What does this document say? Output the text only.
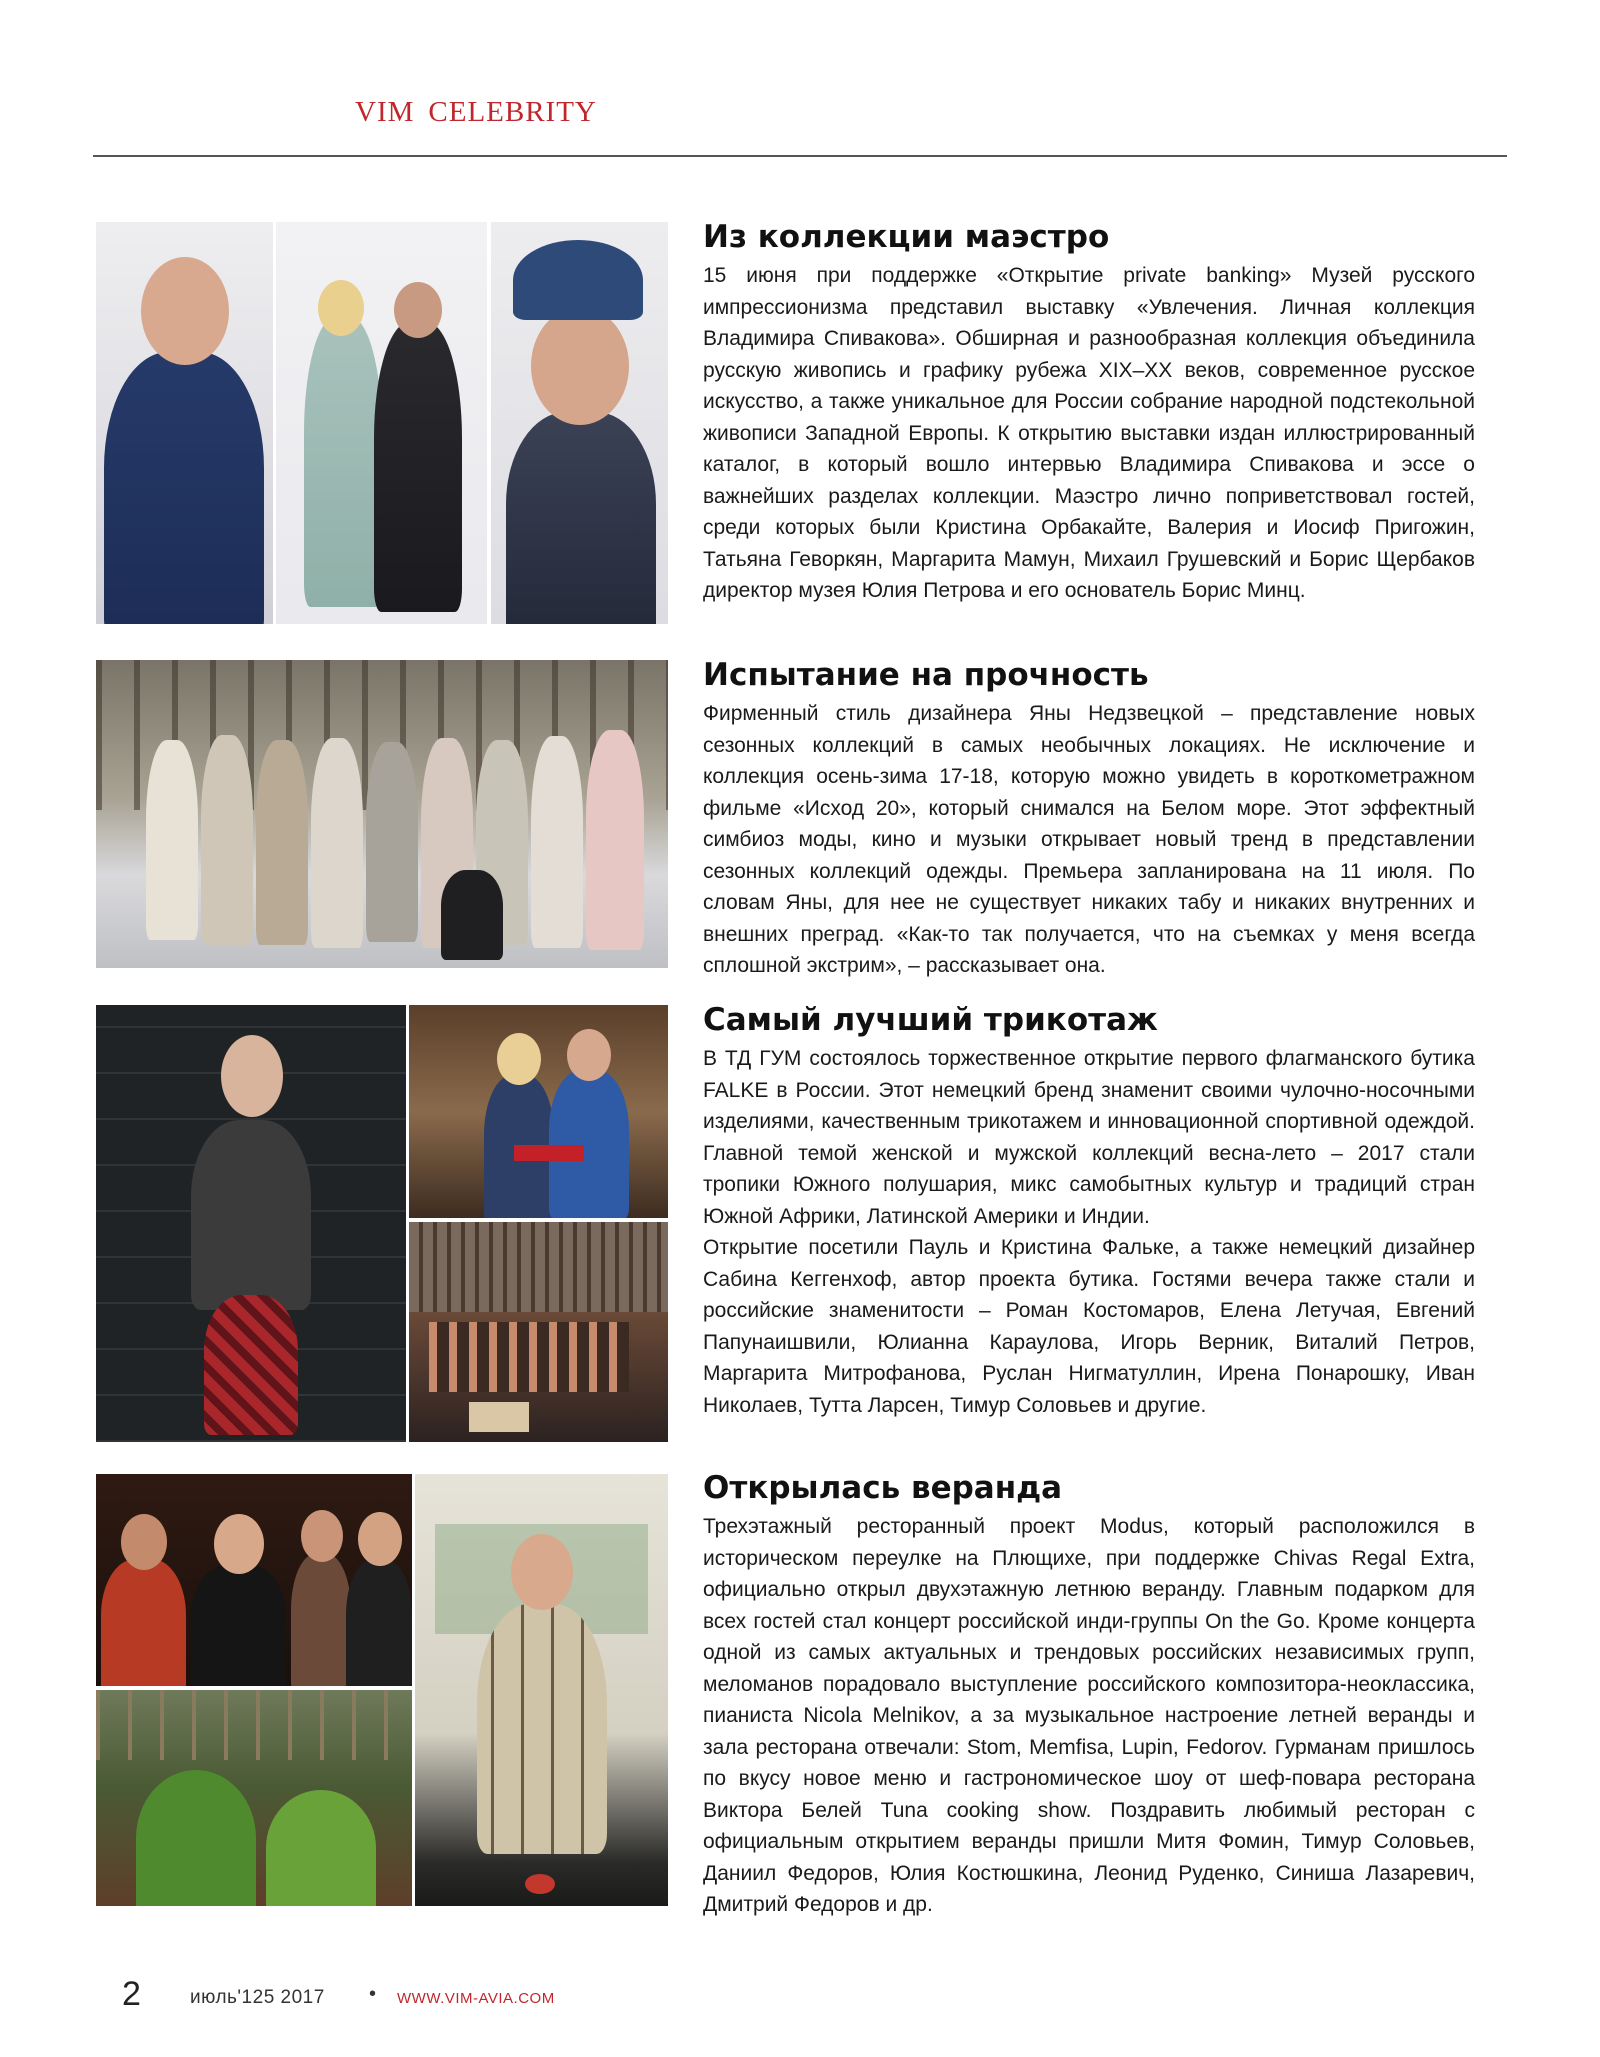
VIM CELEBRITY
Из коллекции маэстро

15 июня при поддержке «Открытие private banking» Музей русского импрессионизма представил выставку «Увлечения. Личная коллекция Владимира Спивакова». Обширная и разнообразная коллекция объединила русскую живопись и графику рубежа XIX–XX веков, современное русское искусство, а также уникальное для России собрание народной подстекольной живописи Западной Европы. К открытию выставки издан иллюстрированный каталог, в который вошло интервью Владимира Спивакова и эссе о важнейших разделах коллекции. Маэстро лично поприветствовал гостей, среди которых были Кристина Орбакайте, Валерия и Иосиф Пригожин, Татьяна Геворкян, Маргарита Мамун, Михаил Грушевский и Борис Щербаков директор музея Юлия Петрова и его основатель Борис Минц.

Испытание на прочность

Фирменный стиль дизайнера Яны Недзвецкой – представление новых сезонных коллекций в самых необычных локациях. Не исключение и коллекция осень-зима 17-18, которую можно увидеть в короткометражном фильме «Исход 20», который снимался на Белом море. Этот эффектный симбиоз моды, кино и музыки открывает новый тренд в представлении сезонных коллекций одежды. Премьера запланирована на 11 июля. По словам Яны, для нее не существует никаких табу и никаких внутренних и внешних преград. «Как-то так получается, что на съемках у меня всегда сплошной экстрим», – рассказывает она.

Самый лучший трикотаж

В ТД ГУМ состоялось торжественное открытие первого флагманского бутика FALKE в России. Этот немецкий бренд знаменит своими чулочно-носочными изделиями, качественным трикотажем и инновационной спортивной одеждой. Главной темой женской и мужской коллекций весна-лето – 2017 стали тропики Южного полушария, микс самобытных культур и традиций стран Южной Африки, Латинской Америки и Индии.

Открытие посетили Пауль и Кристина Фальке, а также немецкий дизайнер Сабина Кеггенхоф, автор проекта бутика. Гостями вечера также стали и российские знаменитости – Роман Костомаров, Елена Летучая, Евгений Папунаишвили, Юлианна Караулова, Игорь Верник, Виталий Петров, Маргарита Митрофанова, Руслан Нигматуллин, Ирена Понарошку, Иван Николаев, Тутта Ларсен, Тимур Соловьев и другие.

Открылась веранда

Трехэтажный ресторанный проект Modus, который расположился в историческом переулке на Плющихе, при поддержке Chivas Regal Extra, официально открыл двухэтажную летнюю веранду. Главным подарком для всех гостей стал концерт российской инди-группы On the Go. Кроме концерта одной из самых актуальных и трендовых российских независимых групп, меломанов порадовало выступление российского композитора-неоклассика, пианиста Nicola Melnikov, а за музыкальное настроение летней веранды и зала ресторана отвечали: Stom, Memfisa, Lupin, Fedorov. Гурманам пришлось по вкусу новое меню и гастрономическое шоу от шеф-повара ресторана Виктора Белей Tuna cooking show. Поздравить любимый ресторан с официальным открытием веранды пришли Митя Фомин, Тимур Соловьев, Даниил Федоров, Юлия Костюшкина, Леонид Руденко, Синиша Лазаревич, Дмитрий Федоров и др.

2	июль'125 2017 • WWW.VIM-AVIA.COM
